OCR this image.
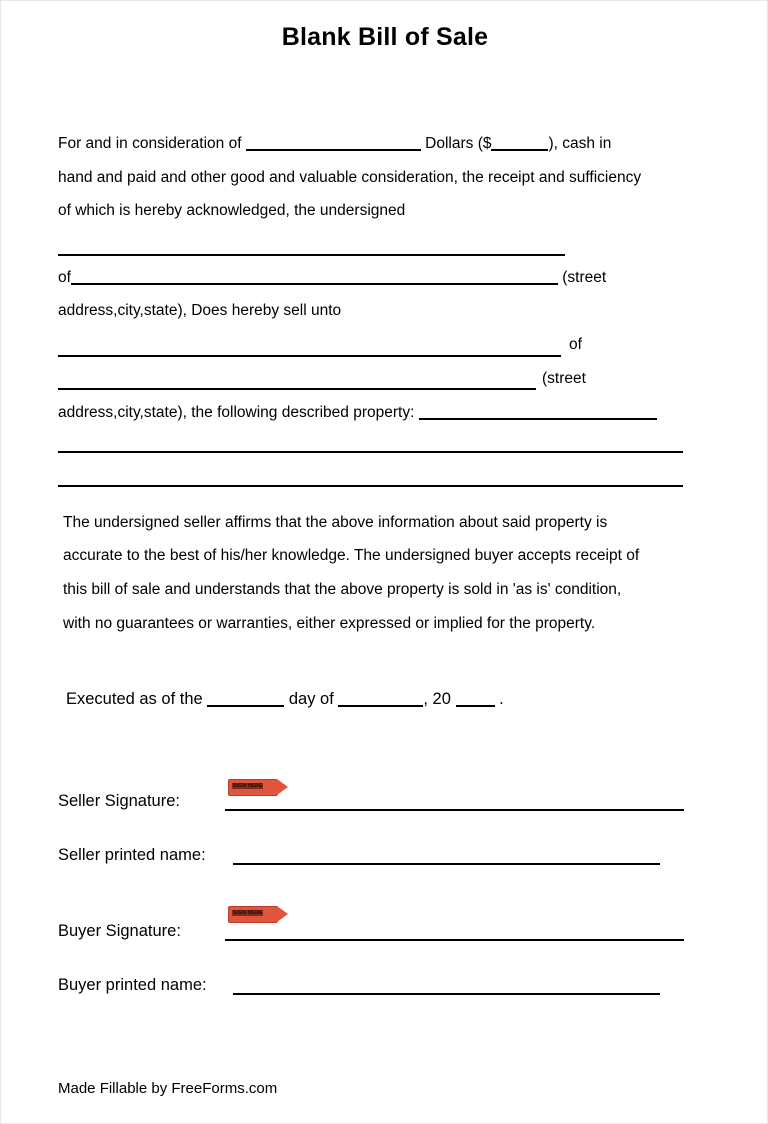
Blank Bill of Sale
For and in consideration of	Dollars ($	), cash in
hand and paid and other good and valuable consideration, the receipt and sufficiency
of which is hereby acknowledged, the undersigned
of	(street
address,city,state), Does hereby sell unto
of
(street
address,city,state), the following described property:
The undersigned seller affirms that the above information about said property is
accurate to the best of his/her knowledge. The undersigned buyer accepts receipt of
this bill of sale and understands that the above property is sold in 'as is' condition,
with no guarantees or warranties, either expressed or implied for the property.
Executed as of the	day of	, 20  .
SIGN HERE
Seller Signature:
Seller printed name:
SIGN HERE
Buyer Signature:
Buyer printed name:
Made Fillable by FreeForms.com
